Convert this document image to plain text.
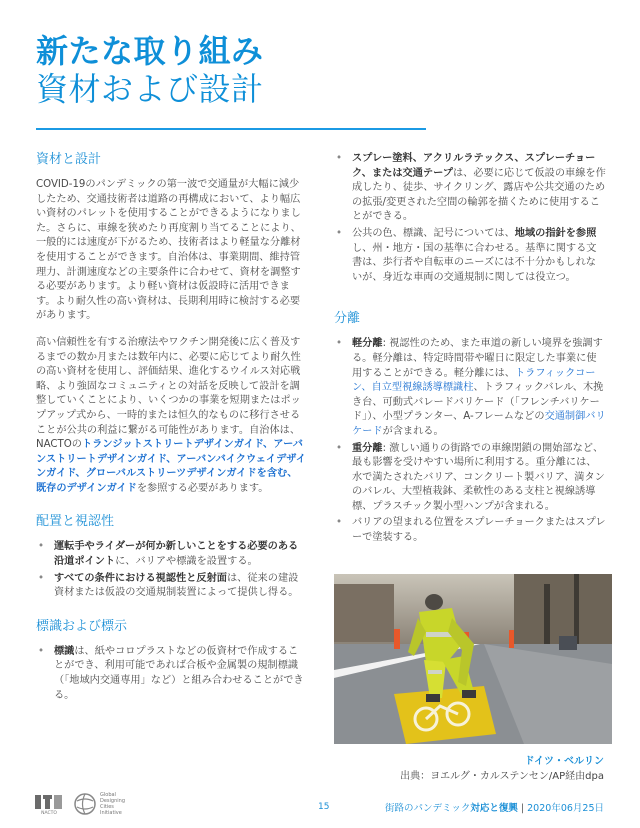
新たな取り組み
資材および設計
資材と設計

COVID-19のパンデミックの第一波で交通量が大幅に減少したため、交通技術者は道路の再構成において、より幅広い資材のパレットを使用することができるようになりました。さらに、車線を狭めたり再度割り当てることにより、一般的には速度が下がるため、技術者はより軽量な分離材を使用することができます。自治体は、事業期間、維持管理力、計測速度などの主要条件に合わせて、資材を調整する必要があります。より軽い資材は仮設時に活用できます。より耐久性の高い資材は、長期利用時に検討する必要があります。

高い信頼性を有する治療法やワクチン開発後に広く普及するまでの数か月または数年内に、必要に応じてより耐久性の高い資材を使用し、評価結果、進化するウイルス対応戦略、より強固なコミュニティとの対話を反映して設計を調整していくことにより、いくつかの事業を短期またはポップアップ式から、一時的または恒久的なものに移行させることが公共の利益に繋がる可能性があります。自治体は、NACTOのトランジットストリートデザインガイド、アーバンストリートデザインガイド、アーバンバイクウェイデザインガイド、グローバルストリーツデザインガイドを含む、既存のデザインガイドを参照する必要があります。

配置と視認性
• 運転手やライダーが何か新しいことをする必要のある沿道ポイントに、バリアや標識を設置する。
• すべての条件における視認性と反射面は、従来の建設資材または仮設の交通規制装置によって提供し得る。
標識および標示
• 標識は、紙やコロプラストなどの仮資材で作成することができ、利用可能であれば合板や金属製の規制標識（「地域内交通専用」など）と組み合わせることができる。
• スプレー塗料、アクリルラテックス、スプレーチョーク、または交通テープは、必要に応じて仮設の車線を作成したり、徒歩、サイクリング、露店や公共交通のための拡張/変更された空間の輪郭を描くために使用することができる。
• 公共の色、標識、記号については、地域の指針を参照し、州・地方・国の基準に合わせる。基準に関する文書は、歩行者や自転車のニーズには不十分かもしれないが、身近な車両の交通規制に関しては役立つ。
分離
• 軽分離: 視認性のため、また車道の新しい境界を強調する。軽分離は、特定時間帯や曜日に限定した事業に使用することができる。軽分離には、トラフィックコーン、自立型視線誘導標識柱、トラフィックバレル、木挽き台、可動式バレードバリケード（「フレンチバリケード」）、小型プランター、A-フレームなどの交通制御バリケードが含まれる。
• 重分離: 激しい通りの街路での車線閉鎖の開始部など、最も影響を受けやすい場所に利用する。重分離には、水で満たされたバリア、コンクリート製バリア、満タンのバレル、大型植栽鉢、柔軟性のある支柱と視線誘導標、プラスチック製小型ハンプが含まれる。
• バリアの望まれる位置をスプレーチョークまたはスプレーで塗装する。
ドイツ・ベルリン
出典：ヨエルグ・カルステンセン/AP経由dpa
NACTO
Global
Designing
Cities
Initiative
15	街路のパンデミック対応と復興 | 2020年06月25日
